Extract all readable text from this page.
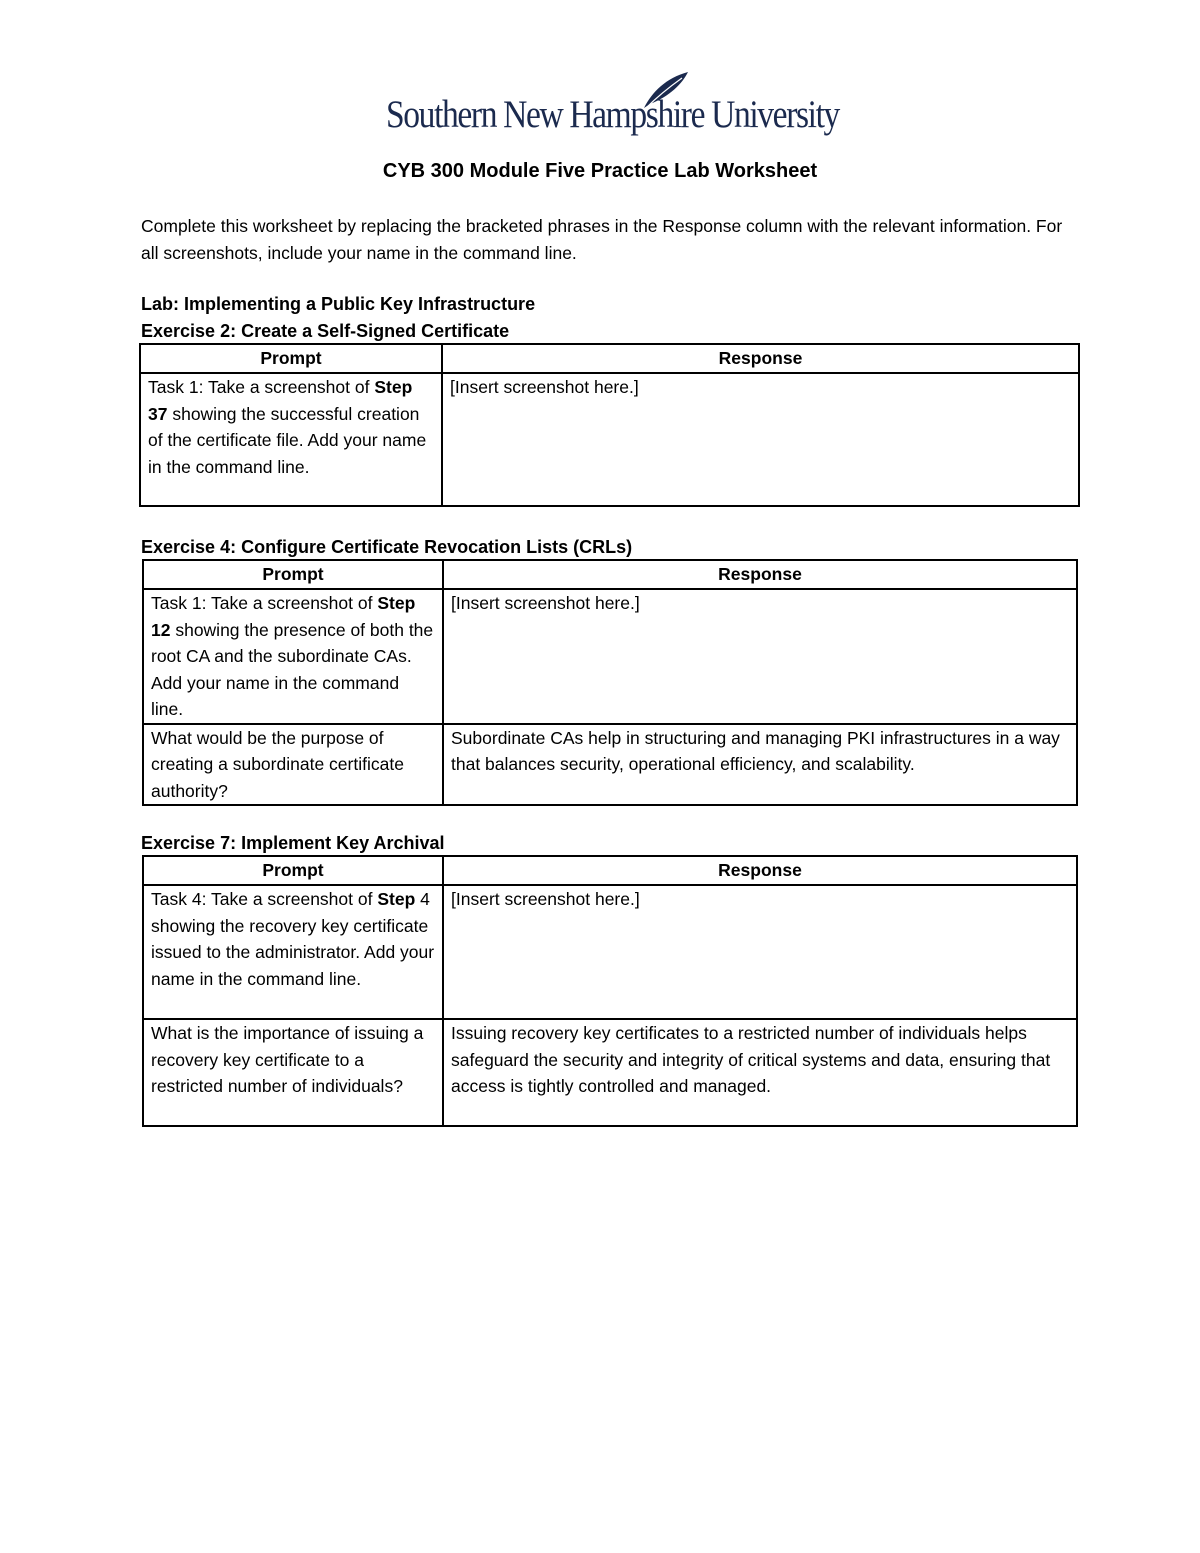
Southern New Hampshire University
CYB 300 Module Five Practice Lab Worksheet
Complete this worksheet by replacing the bracketed phrases in the Response column with the relevant information. For all screenshots, include your name in the command line.
Lab: Implementing a Public Key Infrastructure
Exercise 2: Create a Self-Signed Certificate
Prompt	Response
Task 1: Take a screenshot of Step 37 showing the successful creation of the certificate file. Add your name in the command line.	[Insert screenshot here.]
Exercise 4: Configure Certificate Revocation Lists (CRLs)
Prompt	Response
Task 1: Take a screenshot of Step 12 showing the presence of both the root CA and the subordinate CAs. Add your name in the command line.	[Insert screenshot here.]
What would be the purpose of creating a subordinate certificate authority?	Subordinate CAs help in structuring and managing PKI infrastructures in a way that balances security, operational efficiency, and scalability.
Exercise 7: Implement Key Archival
Prompt	Response
Task 4: Take a screenshot of Step 4 showing the recovery key certificate issued to the administrator. Add your name in the command line.	[Insert screenshot here.]
What is the importance of issuing a recovery key certificate to a restricted number of individuals?	Issuing recovery key certificates to a restricted number of individuals helps safeguard the security and integrity of critical systems and data, ensuring that access is tightly controlled and managed.
